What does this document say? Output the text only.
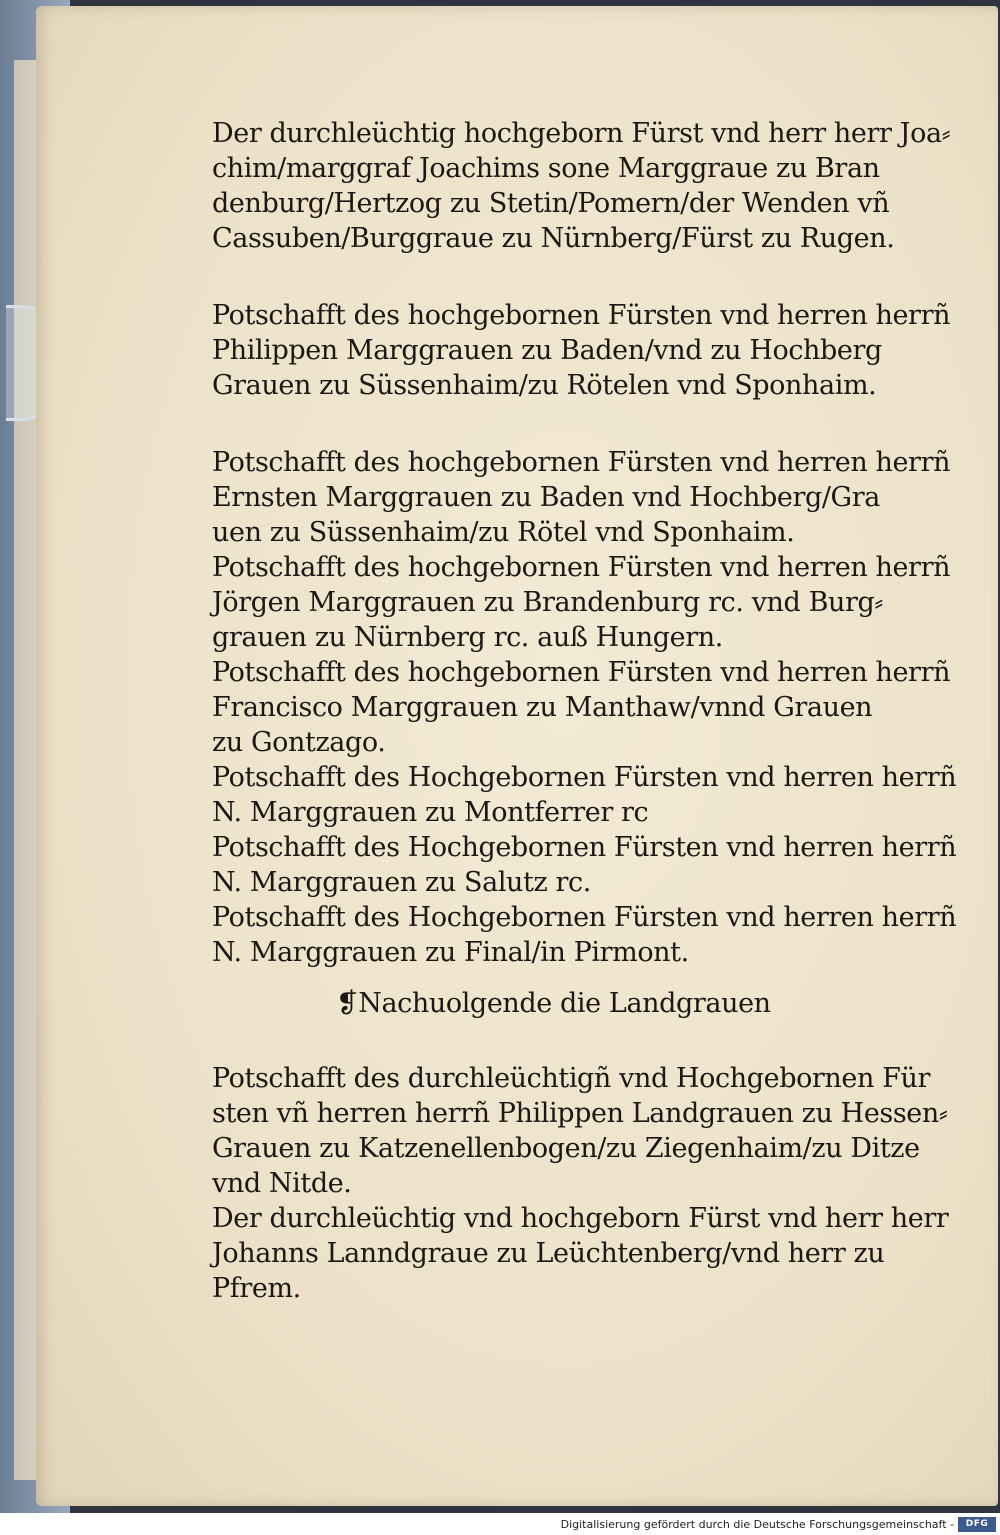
Der durchleüchtig hochgeborn Fürst vnd herr herr Joa⸗
chim/marggraf Joachims sone Marggraue zu Bran
denburg/Hertzog zu Stetin/Pomern/der Wenden vñ
Cassuben/Burggraue zu Nürnberg/Fürst zu Rugen.

Potschafft des hochgebornen Fürsten vnd herren herrñ
Philippen Marggrauen zu Baden/vnd zu Hochberg
Grauen zu Süssenhaim/zu Rötelen vnd Sponhaim.

Potschafft des hochgebornen Fürsten vnd herren herrñ
Ernsten Marggrauen zu Baden vnd Hochberg/Gra
uen zu Süssenhaim/zu Rötel vnd Sponhaim.
Potschafft des hochgebornen Fürsten vnd herren herrñ
Jörgen Marggrauen zu Brandenburg rc. vnd Burg⸗
grauen zu Nürnberg rc. auß Hungern.
Potschafft des hochgebornen Fürsten vnd herren herrñ
Francisco Marggrauen zu Manthaw/vnnd Grauen
zu Gontzago.
Potschafft des Hochgebornen Fürsten vnd herren herrñ
N. Marggrauen zu Montferrer rc
Potschafft des Hochgebornen Fürsten vnd herren herrñ
N. Marggrauen zu Salutz rc.
Potschafft des Hochgebornen Fürsten vnd herren herrñ
N. Marggrauen zu Final/in Pirmont.

❡Nachuolgende die Landgrauen

Potschafft des durchleüchtigñ vnd Hochgebornen Für
sten vñ herren herrñ Philippen Landgrauen zu Hessen⸗
Grauen zu Katzenellenbogen/zu Ziegenhaim/zu Ditze
vnd Nitde.
Der durchleüchtig vnd hochgeborn Fürst vnd herr herr
Johanns Lanndgraue zu Leüchtenberg/vnd herr zu
Pfrem.

Digitalisierung gefördert durch die Deutsche Forschungsgemeinschaft -	DFG
